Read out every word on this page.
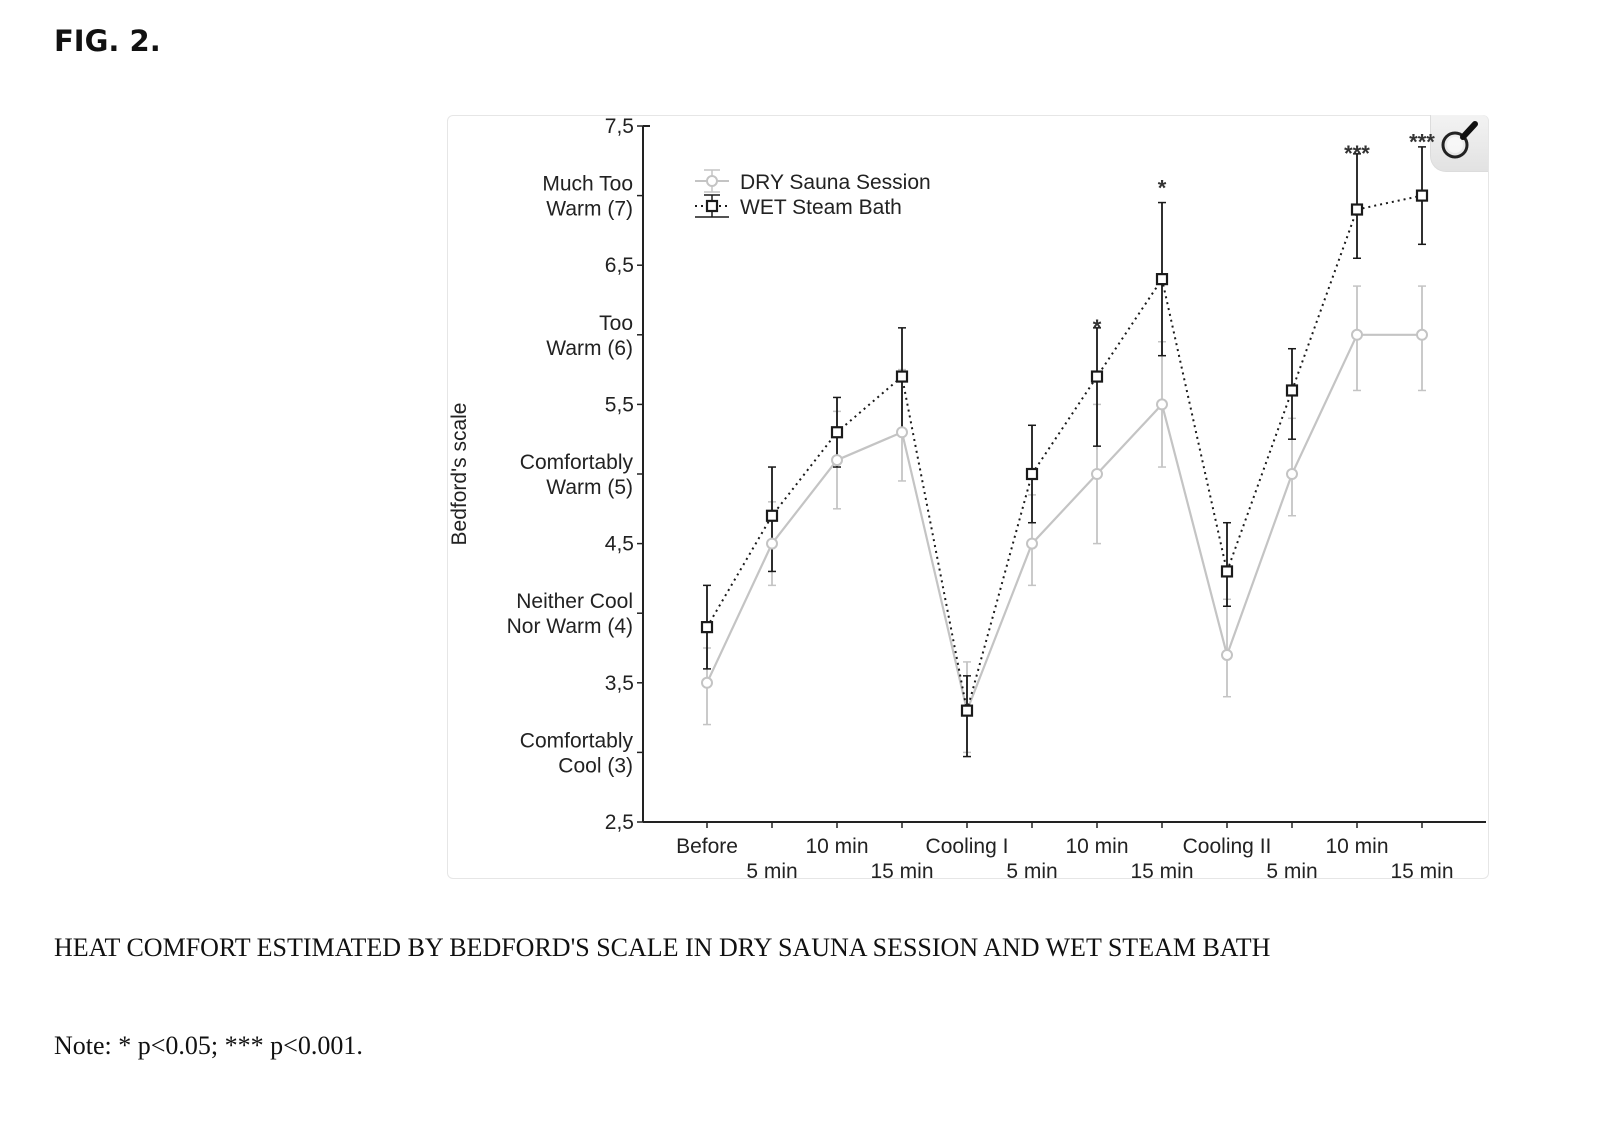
FIG. 2.
7,5
6,5
5,5
4,5
3,5
2,5
Much Too
Warm (7)
Too
Warm (6)
Comfortably
Warm (5)
Neither Cool
Nor Warm (4)
Comfortably
Cool (3)
Bedford's scale
Before
5 min
10 min
15 min
Cooling I
5 min
10 min
15 min
Cooling II
5 min
10 min
15 min
*
*
*** ***
DRY Sauna Session
WET Steam Bath
HEAT COMFORT ESTIMATED BY BEDFORD'S SCALE IN DRY SAUNA SESSION AND WET STEAM BATH
Note: * p<0.05; *** p<0.001.
